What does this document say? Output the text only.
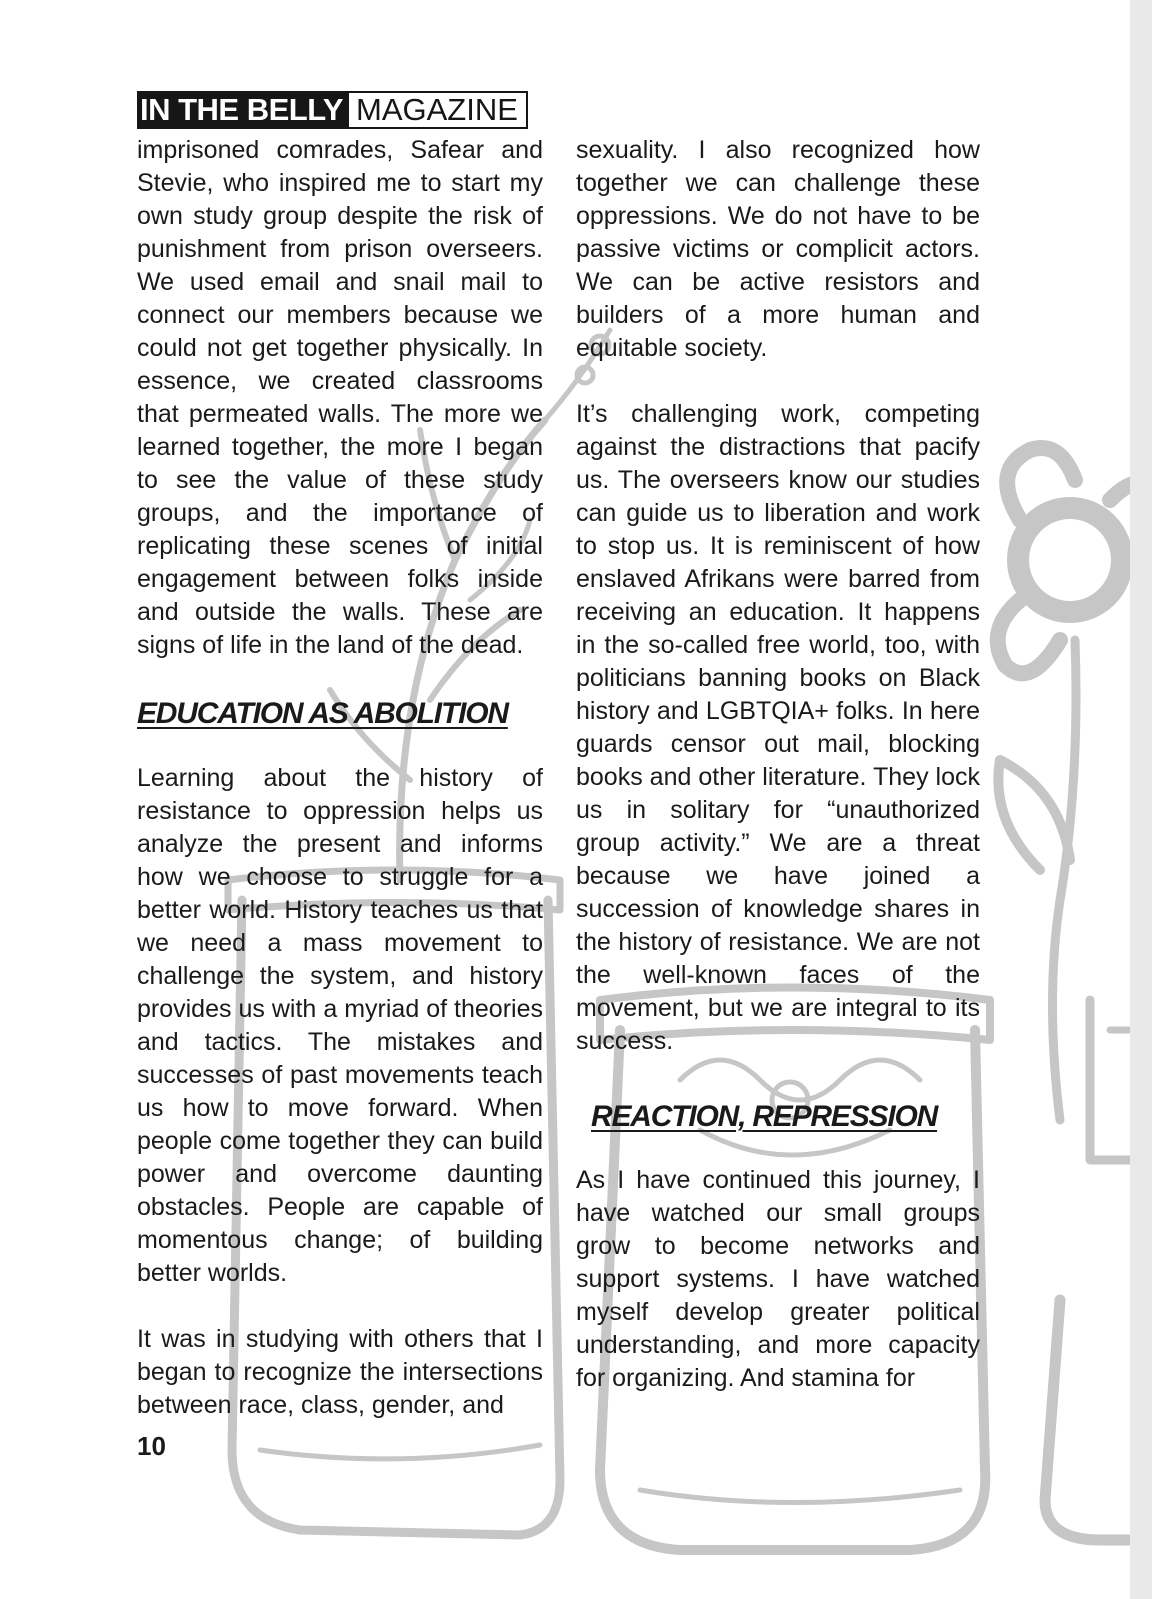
IN THE BELLY MAGAZINE

imprisoned comrades, Safear and Stevie, who inspired me to start my own study group despite the risk of punishment from prison overseers. We used email and snail mail to connect our members because we could not get together physically. In essence, we created classrooms that permeated walls. The more we learned together, the more I began to see the value of these study groups, and the importance of replicating these scenes of initial engagement between folks inside and outside the walls. These are signs of life in the land of the dead.

EDUCATION AS ABOLITION

Learning about the history of resistance to oppression helps us analyze the present and informs how we choose to struggle for a better world. History teaches us that we need a mass movement to challenge the system, and history provides us with a myriad of theories and tactics. The mistakes and successes of past movements teach us how to move forward. When people come together they can build power and overcome daunting obstacles. People are capable of momentous change; of building better worlds.

It was in studying with others that I began to recognize the intersections between race, class, gender, and

sexuality. I also recognized how together we can challenge these oppressions. We do not have to be passive victims or complicit actors. We can be active resistors and builders of a more human and equitable society.

It’s challenging work, competing against the distractions that pacify us. The overseers know our studies can guide us to liberation and work to stop us. It is reminiscent of how enslaved Afrikans were barred from receiving an education. It happens in the so-called free world, too, with politicians banning books on Black history and LGBTQIA+ folks. In here guards censor out mail, blocking books and other literature. They lock us in solitary for “unauthorized group activity.” We are a threat because we have joined a succession of knowledge shares in the history of resistance. We are not the well-known faces of the movement, but we are integral to its success.

REACTION, REPRESSION

As I have continued this journey, I have watched our small groups grow to become networks and support systems. I have watched myself develop greater political understanding, and more capacity for organizing. And stamina for

10
